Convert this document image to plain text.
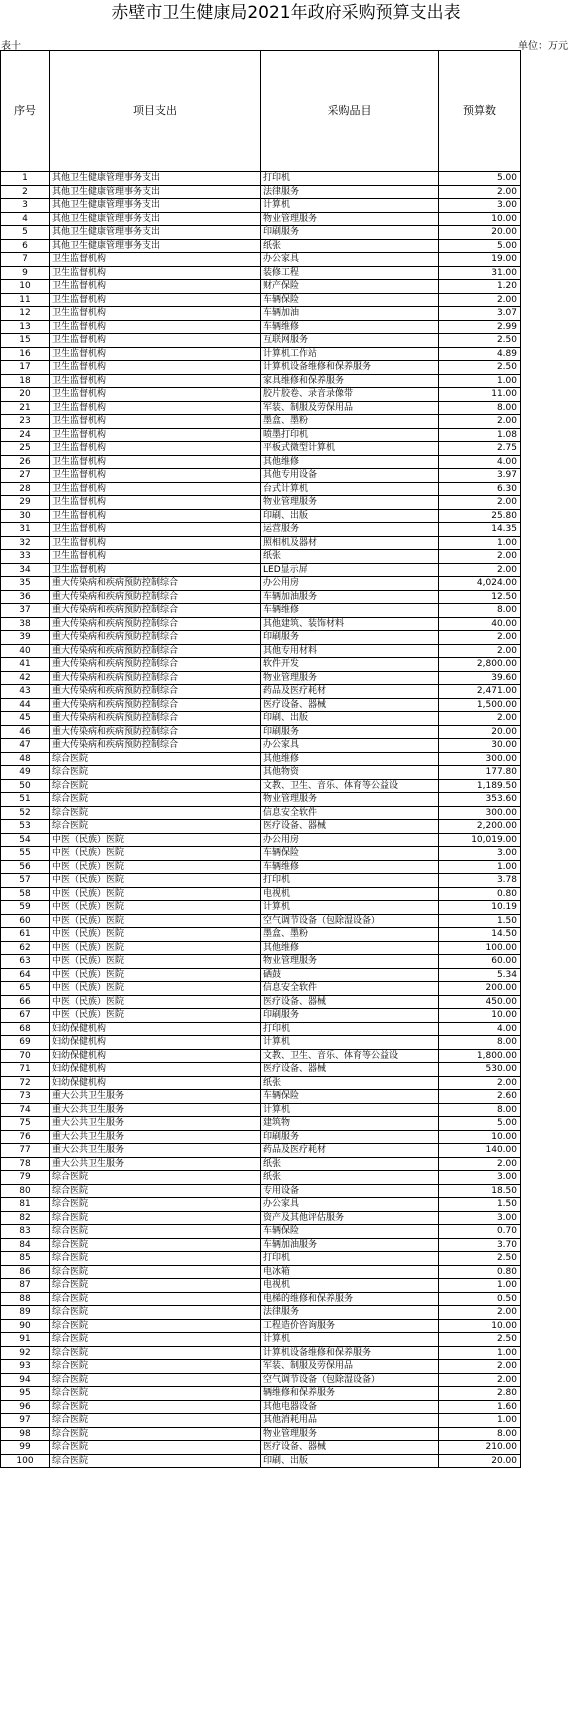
赤壁市卫生健康局2021年政府采购预算支出表
表十	单位：万元
序号	项目支出	采购品目	预算数
1	其他卫生健康管理事务支出	打印机	5.00
2	其他卫生健康管理事务支出	法律服务	2.00
3	其他卫生健康管理事务支出	计算机	3.00
4	其他卫生健康管理事务支出	物业管理服务	10.00
5	其他卫生健康管理事务支出	印刷服务	20.00
6	其他卫生健康管理事务支出	纸张	5.00
7	卫生监督机构	办公家具	19.00
9	卫生监督机构	装修工程	31.00
10	卫生监督机构	财产保险	1.20
11	卫生监督机构	车辆保险	2.00
12	卫生监督机构	车辆加油	3.07
13	卫生监督机构	车辆维修	2.99
15	卫生监督机构	互联网服务	2.50
16	卫生监督机构	计算机工作站	4.89
17	卫生监督机构	计算机设备维修和保养服务	2.50
18	卫生监督机构	家具维修和保养服务	1.00
20	卫生监督机构	胶片胶卷、录音录像带	11.00
21	卫生监督机构	军装、制服及劳保用品	8.00
23	卫生监督机构	墨盒、墨粉	2.00
24	卫生监督机构	喷墨打印机	1.08
25	卫生监督机构	平板式微型计算机	2.75
26	卫生监督机构	其他维修	4.00
27	卫生监督机构	其他专用设备	3.97
28	卫生监督机构	台式计算机	6.30
29	卫生监督机构	物业管理服务	2.00
30	卫生监督机构	印刷、出版	25.80
31	卫生监督机构	运营服务	14.35
32	卫生监督机构	照相机及器材	1.00
33	卫生监督机构	纸张	2.00
34	卫生监督机构	LED显示屏	2.00
35	重大传染病和疾病预防控制综合	办公用房	4,024.00
36	重大传染病和疾病预防控制综合	车辆加油服务	12.50
37	重大传染病和疾病预防控制综合	车辆维修	8.00
38	重大传染病和疾病预防控制综合	其他建筑、装饰材料	40.00
39	重大传染病和疾病预防控制综合	印刷服务	2.00
40	重大传染病和疾病预防控制综合	其他专用材料	2.00
41	重大传染病和疾病预防控制综合	软件开发	2,800.00
42	重大传染病和疾病预防控制综合	物业管理服务	39.60
43	重大传染病和疾病预防控制综合	药品及医疗耗材	2,471.00
44	重大传染病和疾病预防控制综合	医疗设备、器械	1,500.00
45	重大传染病和疾病预防控制综合	印刷、出版	2.00
46	重大传染病和疾病预防控制综合	印刷服务	20.00
47	重大传染病和疾病预防控制综合	办公家具	30.00
48	综合医院	其他维修	300.00
49	综合医院	其他物资	177.80
50	综合医院	文教、卫生、音乐、体育等公益设	1,189.50
51	综合医院	物业管理服务	353.60
52	综合医院	信息安全软件	300.00
53	综合医院	医疗设备、器械	2,200.00
54	中医（民族）医院	办公用房	10,019.00
55	中医（民族）医院	车辆保险	3.00
56	中医（民族）医院	车辆维修	1.00
57	中医（民族）医院	打印机	3.78
58	中医（民族）医院	电视机	0.80
59	中医（民族）医院	计算机	10.19
60	中医（民族）医院	空气调节设备（包除湿设备）	1.50
61	中医（民族）医院	墨盒、墨粉	14.50
62	中医（民族）医院	其他维修	100.00
63	中医（民族）医院	物业管理服务	60.00
64	中医（民族）医院	硒鼓	5.34
65	中医（民族）医院	信息安全软件	200.00
66	中医（民族）医院	医疗设备、器械	450.00
67	中医（民族）医院	印刷服务	10.00
68	妇幼保健机构	打印机	4.00
69	妇幼保健机构	计算机	8.00
70	妇幼保健机构	文教、卫生、音乐、体育等公益设	1,800.00
71	妇幼保健机构	医疗设备、器械	530.00
72	妇幼保健机构	纸张	2.00
73	重大公共卫生服务	车辆保险	2.60
74	重大公共卫生服务	计算机	8.00
75	重大公共卫生服务	建筑物	5.00
76	重大公共卫生服务	印刷服务	10.00
77	重大公共卫生服务	药品及医疗耗材	140.00
78	重大公共卫生服务	纸张	2.00
79	综合医院	纸张	3.00
80	综合医院	专用设备	18.50
81	综合医院	办公家具	1.50
82	综合医院	资产及其他评估服务	3.00
83	综合医院	车辆保险	0.70
84	综合医院	车辆加油服务	3.70
85	综合医院	打印机	2.50
86	综合医院	电冰箱	0.80
87	综合医院	电视机	1.00
88	综合医院	电梯的维修和保养服务	0.50
89	综合医院	法律服务	2.00
90	综合医院	工程造价咨询服务	10.00
91	综合医院	计算机	2.50
92	综合医院	计算机设备维修和保养服务	1.00
93	综合医院	军装、制服及劳保用品	2.00
94	综合医院	空气调节设备（包除湿设备）	2.00
95	综合医院	辆维修和保养服务	2.80
96	综合医院	其他电器设备	1.60
97	综合医院	其他消耗用品	1.00
98	综合医院	物业管理服务	8.00
99	综合医院	医疗设备、器械	210.00
100	综合医院	印刷、出版	20.00
